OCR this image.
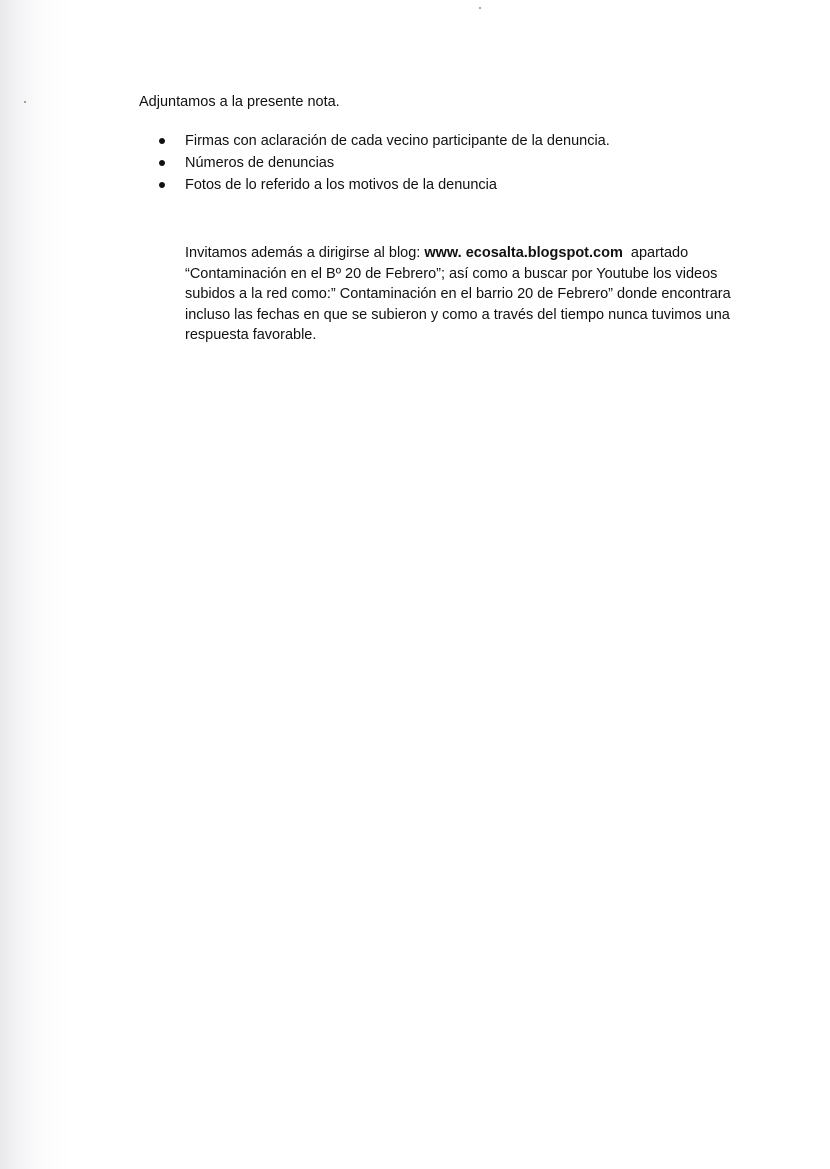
Adjuntamos a la presente nota.

Firmas con aclaración de cada vecino participante de la denuncia.
Números de denuncias
Fotos de lo referido a los motivos de la denuncia

Invitamos además a dirigirse al blog: www. ecosalta.blogspot.com  apartado
“Contaminación en el Bº 20 de Febrero”; así como a buscar por Youtube los videos
subidos a la red como:” Contaminación en el barrio 20 de Febrero” donde encontrara
incluso las fechas en que se subieron y como a través del tiempo nunca tuvimos una
respuesta favorable.
